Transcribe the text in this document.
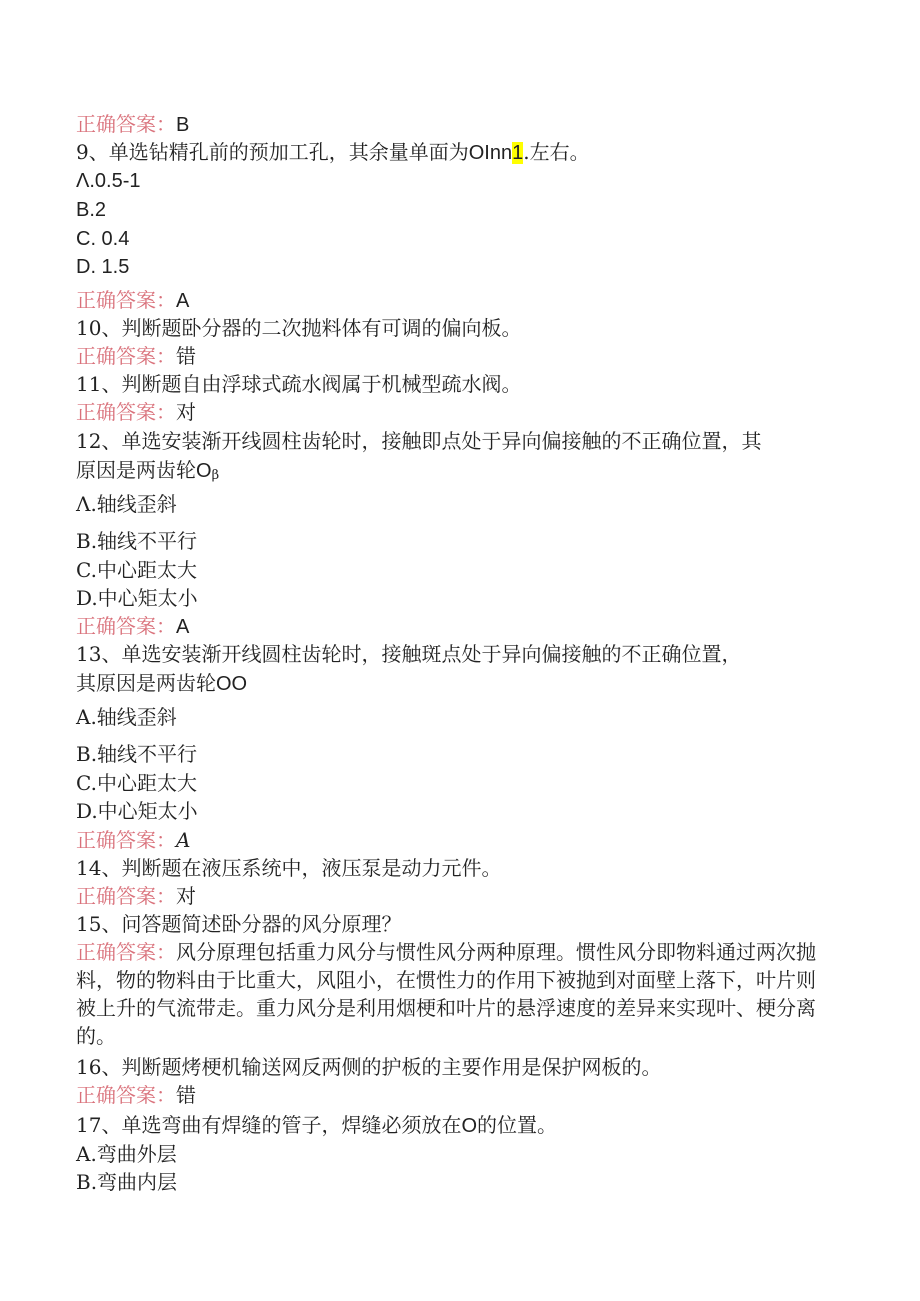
正确答案：B
9、单选钻精孔前的预加工孔，其余量单面为OInn1.左右。
Λ.0.5-1
B.2
C. 0.4
D. 1.5
正确答案：A
10、判断题卧分器的二次抛料体有可调的偏向板。
正确答案：错
11、判断题自由浮球式疏水阀属于机械型疏水阀。
正确答案：对
12、单选安装渐开线圆柱齿轮时，接触即点处于异向偏接触的不正确位置，其
原因是两齿轮Oβ
Λ.轴线歪斜
B.轴线不平行
C.中心距太大
D.中心矩太小
正确答案：A
13、单选安装渐开线圆柱齿轮时，接触斑点处于异向偏接触的不正确位置，
其原因是两齿轮OO
A.轴线歪斜
B.轴线不平行
C.中心距太大
D.中心矩太小
正确答案：A
14、判断题在液压系统中，液压泵是动力元件。
正确答案：对
15、问答题简述卧分器的风分原理？
正确答案：风分原理包括重力风分与惯性风分两种原理。惯性风分即物料通过两次抛料，物的物料由于比重大，风阻小，在惯性力的作用下被抛到对面壁上落下，叶片则被上升的气流带走。重力风分是利用烟梗和叶片的悬浮速度的差异来实现叶、梗分离的。
16、判断题烤梗机输送网反两侧的护板的主要作用是保护网板的。
正确答案：错
17、单选弯曲有焊缝的管子，焊缝必须放在O的位置。
A.弯曲外层
B.弯曲内层
